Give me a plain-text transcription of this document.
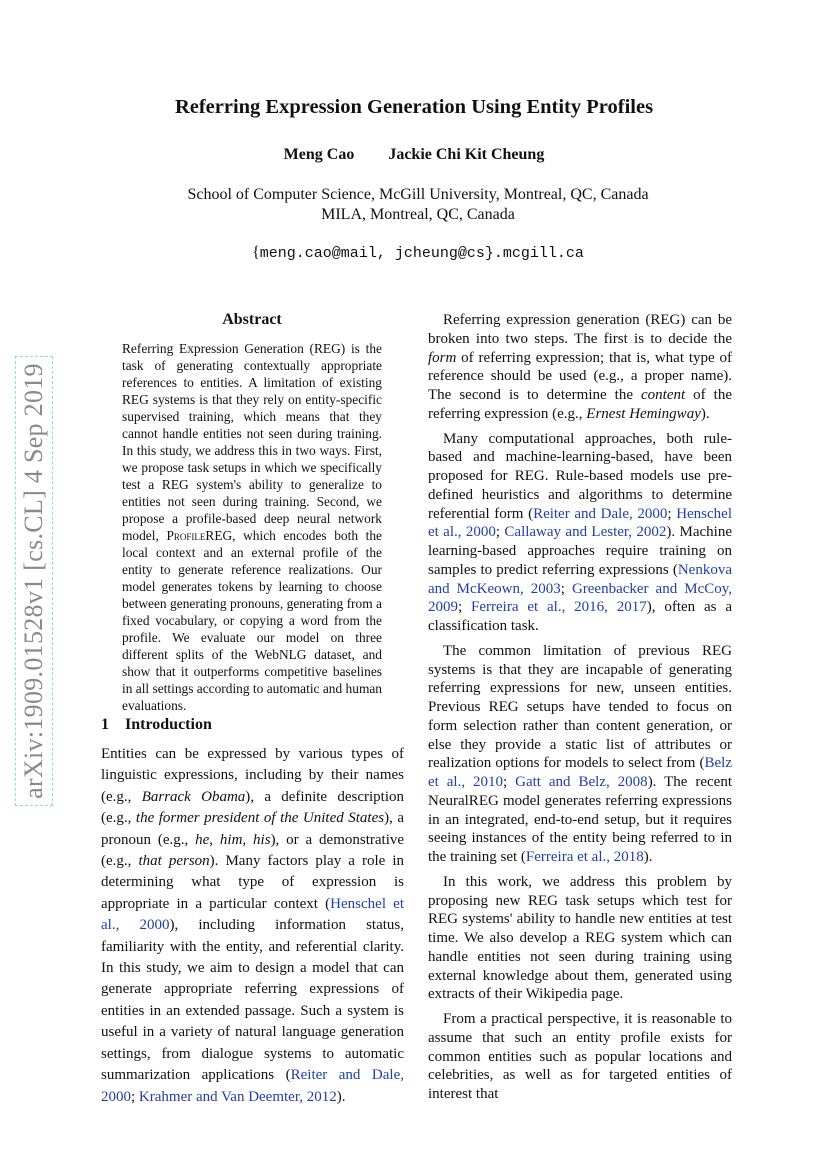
arXiv:1909.01528v1 [cs.CL] 4 Sep 2019
Referring Expression Generation Using Entity Profiles
Meng Cao Jackie Chi Kit Cheung
School of Computer Science, McGill University, Montreal, QC, Canada
MILA, Montreal, QC, Canada
{meng.cao@mail, jcheung@cs}.mcgill.ca
Abstract

Referring Expression Generation (REG) is the task of generating contextually appropriate references to entities. A limitation of existing REG systems is that they rely on entity-specific supervised training, which means that they cannot handle entities not seen during training. In this study, we address this in two ways. First, we propose task setups in which we specifically test a REG system's ability to generalize to entities not seen during training. Second, we propose a profile-based deep neural network model, ProfileREG, which encodes both the local context and an external profile of the entity to generate reference realizations. Our model generates tokens by learning to choose between generating pronouns, generating from a fixed vocabulary, or copying a word from the profile. We evaluate our model on three different splits of the WebNLG dataset, and show that it outperforms competitive baselines in all settings according to automatic and human evaluations.

1 Introduction
Entities can be expressed by various types of linguistic expressions, including by their names (e.g., Barrack Obama), a definite description (e.g., the former president of the United States), a pronoun (e.g., he, him, his), or a demonstrative (e.g., that person). Many factors play a role in determining what type of expression is appropriate in a particular context (Henschel et al., 2000), including information status, familiarity with the entity, and referential clarity. In this study, we aim to design a model that can generate appropriate referring expressions of entities in an extended passage. Such a system is useful in a variety of natural language generation settings, from dialogue systems to automatic summarization applications (Reiter and Dale, 2000; Krahmer and Van Deemter, 2012).

Referring expression generation (REG) can be broken into two steps. The first is to decide the form of referring expression; that is, what type of reference should be used (e.g., a proper name). The second is to determine the content of the referring expression (e.g., Ernest Hemingway).

Many computational approaches, both rule-based and machine-learning-based, have been proposed for REG. Rule-based models use pre-defined heuristics and algorithms to determine referential form (Reiter and Dale, 2000; Henschel et al., 2000; Callaway and Lester, 2002). Machine learning-based approaches require training on samples to predict referring expressions (Nenkova and McKeown, 2003; Greenbacker and McCoy, 2009; Ferreira et al., 2016, 2017), often as a classification task.

The common limitation of previous REG systems is that they are incapable of generating referring expressions for new, unseen entities. Previous REG setups have tended to focus on form selection rather than content generation, or else they provide a static list of attributes or realization options for models to select from (Belz et al., 2010; Gatt and Belz, 2008). The recent NeuralREG model generates referring expressions in an integrated, end-to-end setup, but it requires seeing instances of the entity being referred to in the training set (Ferreira et al., 2018).

In this work, we address this problem by proposing new REG task setups which test for REG systems' ability to handle new entities at test time. We also develop a REG system which can handle entities not seen during training using external knowledge about them, generated using extracts of their Wikipedia page.

From a practical perspective, it is reasonable to assume that such an entity profile exists for common entities such as popular locations and celebrities, as well as for targeted entities of interest that
